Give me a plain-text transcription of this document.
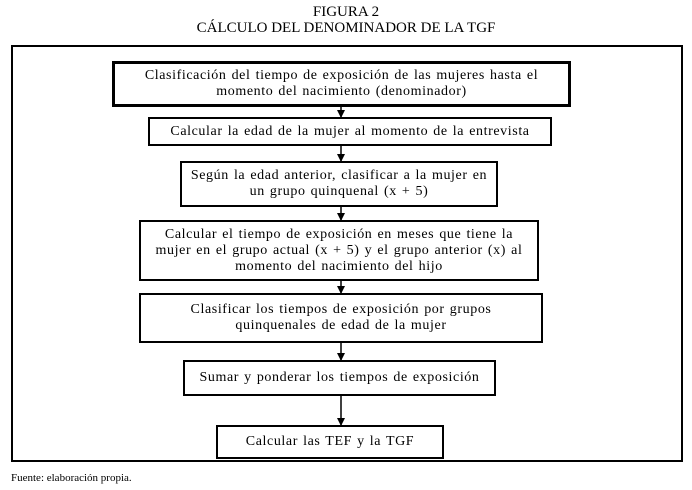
FIGURA 2
CÁLCULO DEL DENOMINADOR DE LA TGF
Clasificación del tiempo de exposición de las mujeres hasta el
momento del nacimiento (denominador)
Calcular la edad de la mujer al momento de la entrevista
Según la edad anterior, clasificar a la mujer en
un grupo quinquenal (x + 5)
Calcular el tiempo de exposición en meses que tiene la
mujer en el grupo actual (x + 5) y el grupo anterior (x) al
momento del nacimiento del hijo
Clasificar los tiempos de exposición por grupos
quinquenales de edad de la mujer
Sumar y ponderar los tiempos de exposición
Calcular las TEF y la TGF
Fuente: elaboración propia.
